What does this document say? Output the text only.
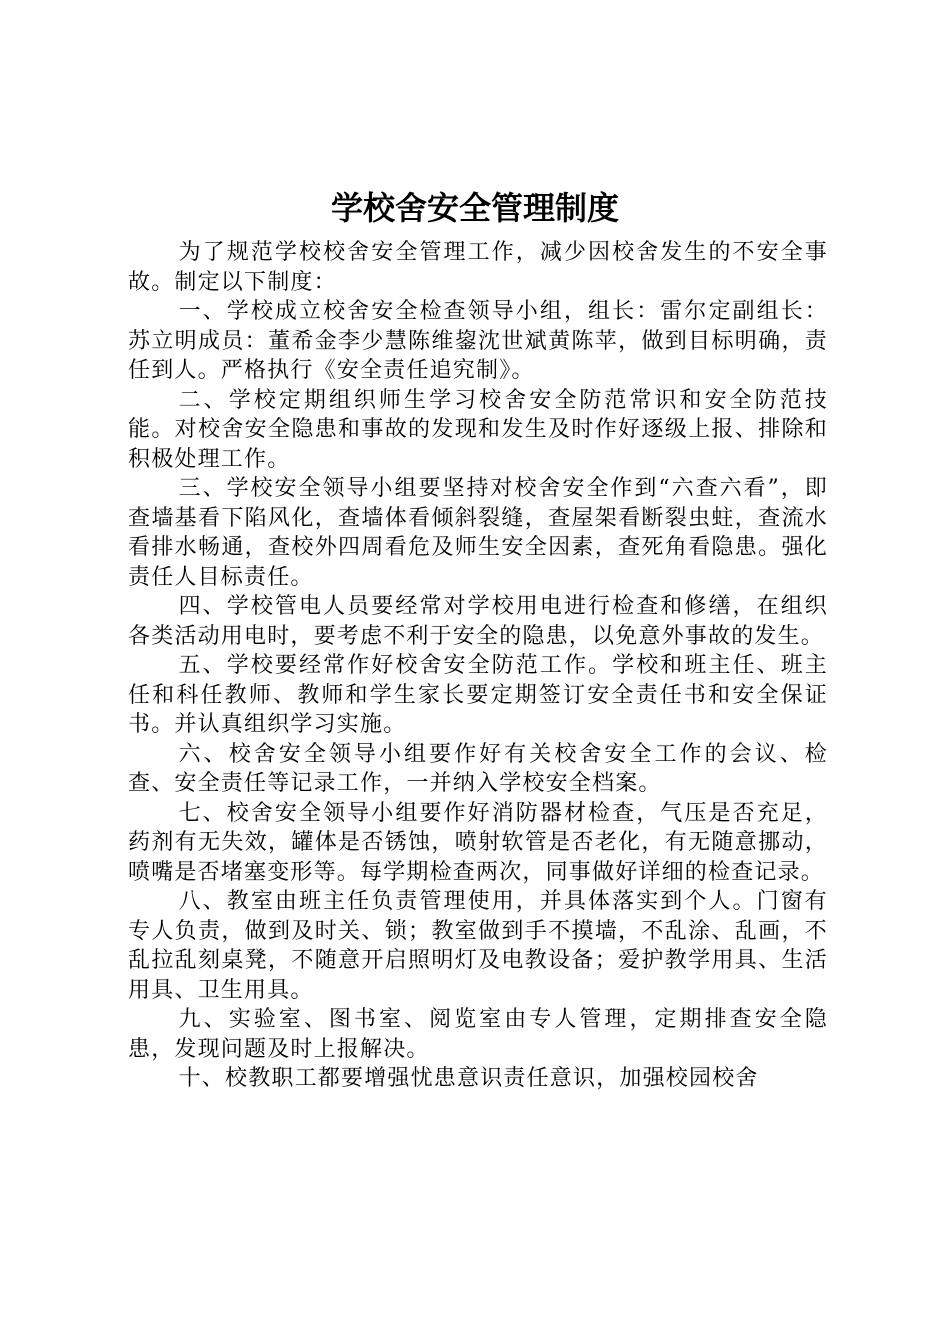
学校舍安全管理制度

为了规范学校校舍安全管理工作，减少因校舍发生的不安全事故。制定以下制度：

一、学校成立校舍安全检查领导小组，组长：雷尔定副组长：苏立明成员：董希金李少慧陈维鋆沈世斌黄陈苹，做到目标明确，责任到人。严格执行《安全责任追究制》。

二、学校定期组织师生学习校舍安全防范常识和安全防范技能。对校舍安全隐患和事故的发现和发生及时作好逐级上报、排除和积极处理工作。

三、学校安全领导小组要坚持对校舍安全作到“六查六看”，即查墙基看下陷风化，查墙体看倾斜裂缝，查屋架看断裂虫蛀，查流水看排水畅通，查校外四周看危及师生安全因素，查死角看隐患。强化责任人目标责任。

四、学校管电人员要经常对学校用电进行检查和修缮，在组织各类活动用电时，要考虑不利于安全的隐患，以免意外事故的发生。

五、学校要经常作好校舍安全防范工作。学校和班主任、班主任和科任教师、教师和学生家长要定期签订安全责任书和安全保证书。并认真组织学习实施。

六、校舍安全领导小组要作好有关校舍安全工作的会议、检查、安全责任等记录工作，一并纳入学校安全档案。

七、校舍安全领导小组要作好消防器材检查，气压是否充足，药剂有无失效，罐体是否锈蚀，喷射软管是否老化，有无随意挪动，喷嘴是否堵塞变形等。每学期检查两次，同事做好详细的检查记录。

八、教室由班主任负责管理使用，并具体落实到个人。门窗有专人负责，做到及时关、锁；教室做到手不摸墙，不乱涂、乱画，不乱拉乱刻桌凳，不随意开启照明灯及电教设备；爱护教学用具、生活用具、卫生用具。

九、实验室、图书室、阅览室由专人管理，定期排查安全隐患，发现问题及时上报解决。

十、校教职工都要增强忧患意识责任意识，加强校园校舍
